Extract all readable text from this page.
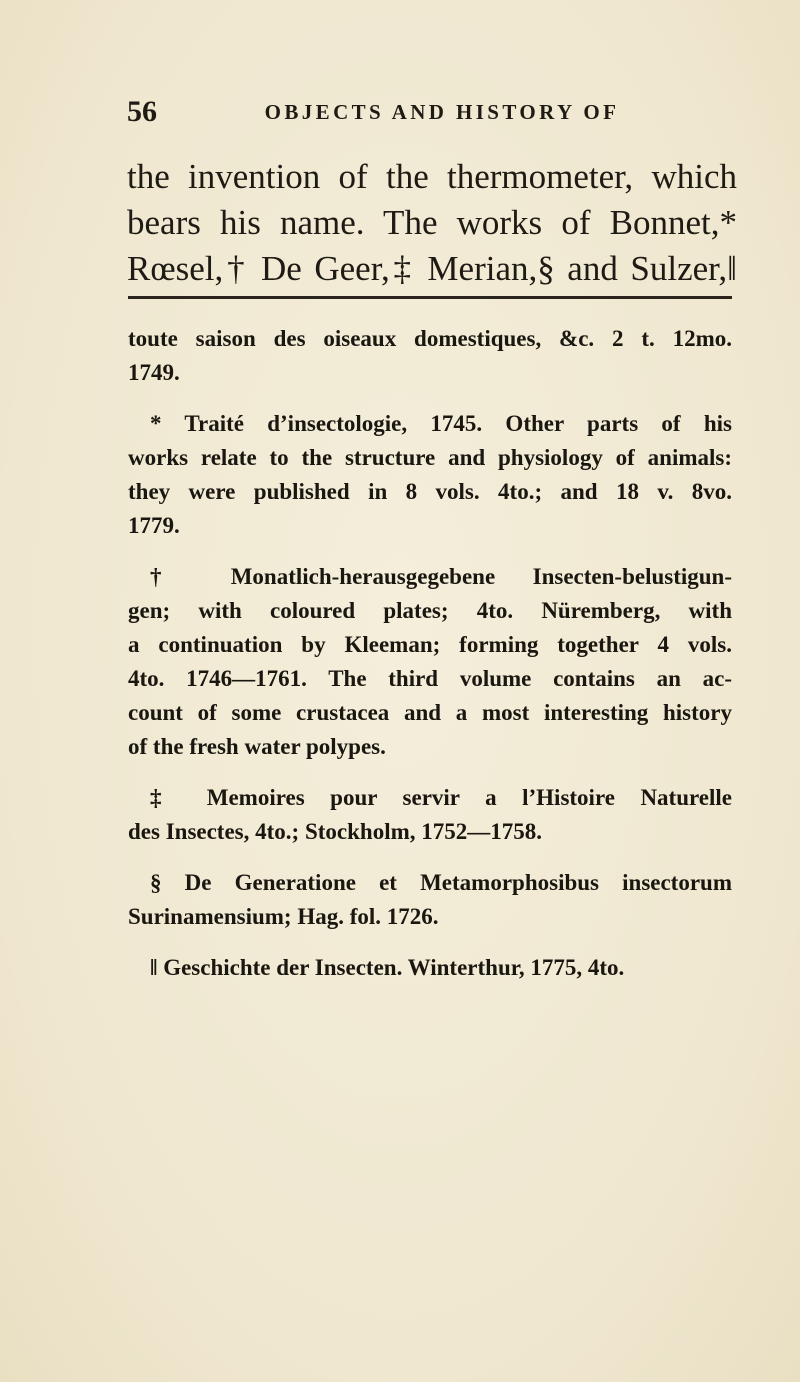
56	OBJECTS AND HISTORY OF
the invention of the thermometer, which
bears his name. The works of Bonnet,*
Rœsel,† De Geer,‡ Merian,§ and Sulzer,‖
toute saison des oiseaux domestiques, &c. 2 t. 12mo.
1749.
* Traité d’insectologie, 1745. Other parts of his
works relate to the structure and physiology of animals:
they were published in 8 vols. 4to.; and 18 v. 8vo.
1779.
† Monatlich-herausgegebene Insecten-belustigun-
gen; with coloured plates; 4to. Nüremberg, with
a continuation by Kleeman; forming together 4 vols.
4to. 1746—1761. The third volume contains an ac-
count of some crustacea and a most interesting history
of the fresh water polypes.
‡ Memoires pour servir a l’Histoire Naturelle
des Insectes, 4to.; Stockholm, 1752—1758.
§ De Generatione et Metamorphosibus insectorum
Surinamensium; Hag. fol. 1726.
‖ Geschichte der Insecten. Winterthur, 1775, 4to.
